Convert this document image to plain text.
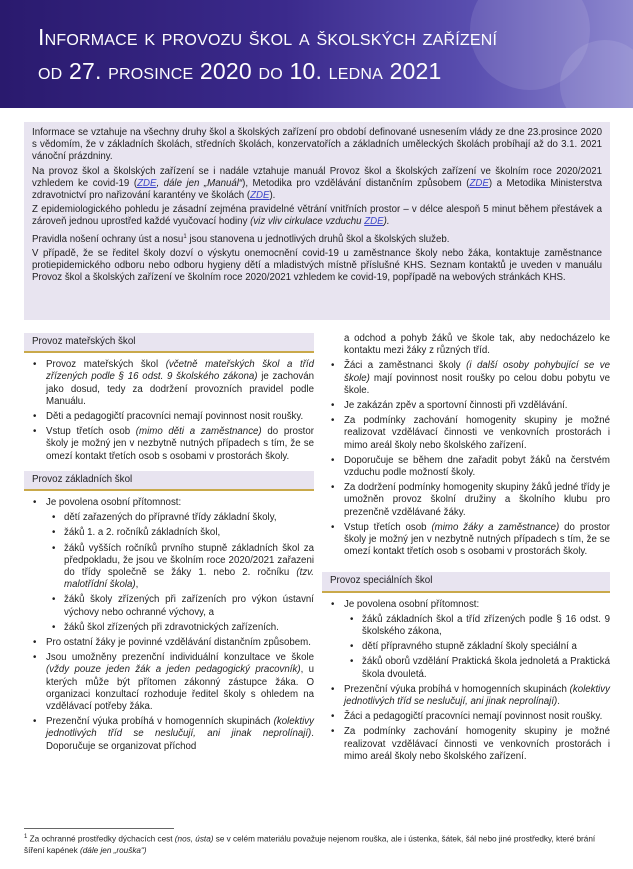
Informace k provozu škol a školských zařízení
od 27. prosince 2020 do 10. ledna 2021

Informace se vztahuje na všechny druhy škol a školských zařízení pro období definované usnesením vlády ze dne 23.prosince 2020 s vědomím, že v základních školách, středních školách, konzervatořích a základních uměleckých školách probíhají až do 3.1. 2021 vánoční prázdniny.

Na provoz škol a školských zařízení se i nadále vztahuje manuál Provoz škol a školských zařízení ve školním roce 2020/2021 vzhledem ke covid-19 (ZDE, dále jen „Manuál“), Metodika pro vzdělávání distančním způsobem (ZDE) a Metodika Ministerstva zdravotnictví pro nařizování karantény ve školách (ZDE).

Z epidemiologického pohledu je zásadní zejména pravidelné větrání vnitřních prostor – v délce alespoň 5 minut během přestávek a zároveň jednou uprostřed každé vyučovací hodiny (viz vliv cirkulace vzduchu ZDE).

Pravidla nošení ochrany úst a nosu$^1$ jsou stanovena u jednotlivých druhů škol a školských služeb.

V případě, že se ředitel školy dozví o výskytu onemocnění covid-19 u zaměstnance školy nebo žáka, kontaktuje zaměstnance protiepidemického odboru nebo odboru hygieny dětí a mladistvých místně příslušné KHS. Seznam kontaktů je uveden v manuálu Provoz škol a školských zařízení ve školním roce 2020/2021 vzhledem ke covid-19, popřípadě na webových stránkách KHS.

Provoz mateřských škol
• Provoz mateřských škol (včetně mateřských škol a tříd zřízených podle § 16 odst. 9 školského zákona) je zachován jako dosud, tedy za dodržení provozních pravidel podle Manuálu.
• Děti a pedagogičtí pracovníci nemají povinnost nosit roušky.
• Vstup třetích osob (mimo děti a zaměstnance) do prostor školy je možný jen v nezbytně nutných případech s tím, že se omezí kontakt třetích osob s osobami v prostorách školy.
Provoz základních škol
• Je povolena osobní přítomnost:
• dětí zařazených do přípravné třídy základní školy,
• žáků 1. a 2. ročníků základních škol,
• žáků vyšších ročníků prvního stupně základních škol za předpokladu, že jsou ve školním roce 2020/2021 zařazeni do třídy společně se žáky 1. nebo 2. ročníku (tzv. malotřídní škola),
• žáků školy zřízených při zařízeních pro výkon ústavní výchovy nebo ochranné výchovy, a
• žáků škol zřízených při zdravotnických zařízeních.
• Pro ostatní žáky je povinné vzdělávání distančním způsobem.
• Jsou umožněny prezenční individuální konzultace ve škole (vždy pouze jeden žák a jeden pedagogický pracovník), u kterých může být přítomen zákonný zástupce žáka. O organizaci konzultací rozhoduje ředitel školy s ohledem na vzdělávací potřeby žáka.
• Prezenční výuka probíhá v homogenních skupinách (kolektivy jednotlivých tříd se neslučují, ani jinak neprolínají). Doporučuje se organizovat příchod
a odchod a pohyb žáků ve škole tak, aby nedocházelo ke kontaktu mezi žáky z různých tříd.
• Žáci a zaměstnanci školy (i další osoby pohybující se ve škole) mají povinnost nosit roušky po celou dobu pobytu ve škole.
• Je zakázán zpěv a sportovní činnosti při vzdělávání.
• Za podmínky zachování homogenity skupiny je možné realizovat vzdělávací činnosti ve venkovních prostorách i mimo areál školy nebo školského zařízení.
• Doporučuje se během dne zařadit pobyt žáků na čerstvém vzduchu podle možností školy.
• Za dodržení podmínky homogenity skupiny žáků jedné třídy je umožněn provoz školní družiny a školního klubu pro prezenčně vzdělávané žáky.
• Vstup třetích osob (mimo žáky a zaměstnance) do prostor školy je možný jen v nezbytně nutných případech s tím, že se omezí kontakt třetích osob s osobami v prostorách školy.
Provoz speciálních škol
• Je povolena osobní přítomnost:
• žáků základních škol a tříd zřízených podle § 16 odst. 9 školského zákona,
• dětí přípravného stupně základní školy speciální a
• žáků oborů vzdělání Praktická škola jednoletá a Praktická škola dvouletá.
• Prezenční výuka probíhá v homogenních skupinách (kolektivy jednotlivých tříd se neslučují, ani jinak neprolínají).
• Žáci a pedagogičtí pracovníci nemají povinnost nosit roušky.
• Za podmínky zachování homogenity skupiny je možné realizovat vzdělávací činnosti ve venkovních prostorách i mimo areál školy nebo školského zařízení.
$^1$ Za ochranné prostředky dýchacích cest (nos, ústa) se v celém materiálu považuje nejenom rouška, ale i ústenka, šátek, šál nebo jiné prostředky, které brání šíření kapének (dále jen „rouška“)
